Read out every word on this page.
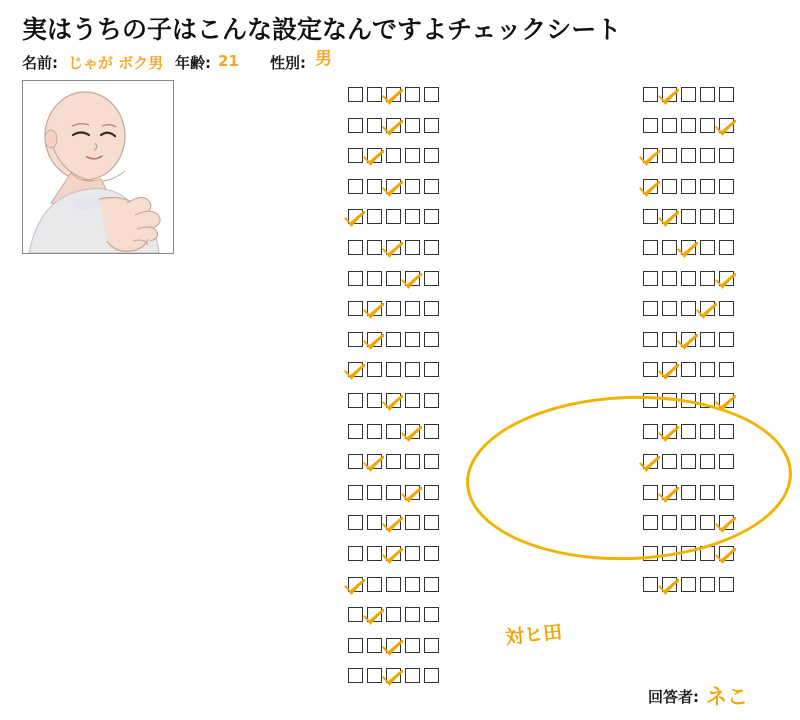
実はうちの子はこんな設定なんですよチェックシート
名前: じゃが ボク男 年齢: 21 性別: 男
対ヒ田
回答者: ネこ
